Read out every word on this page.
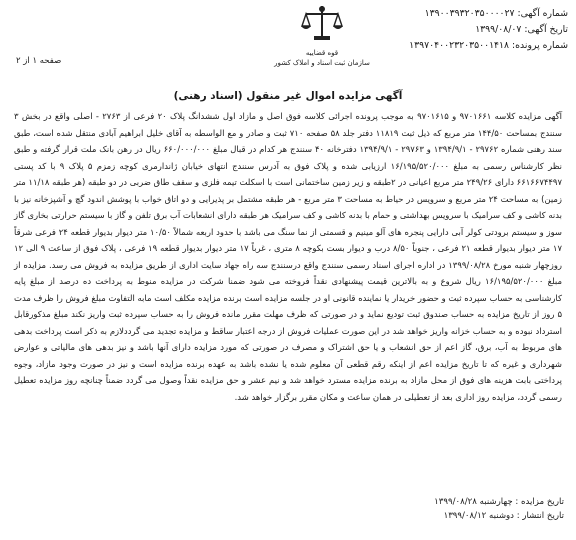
شماره آگهی: ۱۳۹۰۰۳۹۳۲۰۳۵۰۰۰۰۲۷
تاریخ آگهی: ۱۳۹۹/۰۸/۰۷
شماره پرونده: ۱۳۹۷۰۴۰۰۲۳۲۰۳۵۰۰۱۴۱۸
قوه قضاییه
سازمان ثبت اسناد و املاک کشور
صفحه ۱ از ۲
آگهی مزایده اموال غیر منقول (اسناد رهنی)
آگهی مزایده کلاسه ۹۷۰۱۶۶۱ و ۹۷۰۱۶۱۵ به موجب پرونده اجرائی کلاسه فوق اصل و مازاد اول ششدانگ پلاک ۲۰ فرعی از ۲۷۶۳ - اصلی واقع در بخش ۳ سنندج بمساحت ۱۴۴/۵۰ متر مربع که ذیل ثبت ۱۱۸۱۹ دفتر جلد ۵۸ صفحه ۷۱۰ ثبت و صادر و مع الواسطه به آقای خلیل ابراهیم آبادی منتقل شده است، طبق سند رهنی شماره ۲۹۷۶۲ - ۱۳۹۴/۹/۱ و ۲۹۷۶۳ - ۱۳۹۴/۹/۱ دفترخانه ۴۰ سنندج هر کدام در قبال مبلغ ۶۶۰/۰۰۰/۰۰۰ ریال در رهن بانک ملت قرار گرفته و طبق نظر کارشناس رسمی به مبلغ ۱۶/۱۹۵/۵۲۰/۰۰۰ ارزیابی شده و پلاک فوق به آدرس سنندج انتهای خیابان ژاندارمری کوچه زمزم ۵ پلاک ۹ با کد پستی ۶۶۱۶۶۷۴۴۹۷ دارای ۲۴۹/۲۶ متر مربع اعیانی در ۲طبقه و زیر زمین ساختمانی است با اسکلت تیمه فلزی و سقف طاق ضربی در دو طبقه (هر طبقه ۱۱/۱۸ متر زمین) به مساحت ۲۴ متر مربع و سرویس در حیاط به مساحت ۳ متر مربع - هر طبقه مشتمل بر پذیرایی و دو اتاق خواب با پوشش اندود گچ و آشپزخانه نیز با بدنه کاشی و کف سرامیک با سرویس بهداشتی و حمام با بدنه کاشی و کف سرامیک هر طبقه دارای انشعابات آب برق تلفن و گاز با سیستم حرارتی بخاری گاز سوز و سیستم برودتی کولر آبی دارایی پنجره های آلو مینیم و قسمتی از نما سنگ می باشد با حدود اربعه شمالاً ۱۰/۵۰ متر دیوار بدیوار قطعه ۲۴ فرعی شرقاً ۱۷ متر دیوار بدیوار قطعه ۲۱ فرعی ، جنوباً ۸/۵۰ درب و دیوار بست بکوچه ۸ متری ، غرباً ۱۷ متر دیوار بدیوار قطعه ۱۹ فرعی ، پلاک فوق از ساعت ۹ الی ۱۲ روزچهار شنبه مورخ ۱۳۹۹/۰۸/۲۸ در اداره اجرای اسناد رسمی سنندج واقع درسنندج سه راه جهاد سایت اداری از طریق مزایده به فروش می رسد. مزایده از مبلغ ۱۶/۱۹۵/۵۲۰/۰۰۰ ریال شروع و به بالاترین قیمت پیشنهادی نقداً فروخته می شود ضمنا شرکت در مزایده منوط به پرداخت ده درصد از مبلغ پایه کارشناسی به حساب سپرده ثبت و حضور خریدار یا نماینده قانونی او در جلسه مزایده است برنده مزایده مکلف است مابه التفاوت مبلغ فروش را ظرف مدت ۵ روز از تاریخ مزایده به حساب صندوق ثبت تودیع نماید و در صورتی که ظرف مهلت مقرر مانده فروش را به حساب سپرده ثبت واریز نکند مبلغ مذکورقابل استرداد نبوده و به حساب خزانه واریز خواهد شد در این صورت عملیات فروش از درجه اعتبار ساقط و مزایده تجدید می گرددلازم به ذکر است پرداخت بدهی های مربوط به آب، برق، گاز اعم از حق انشعاب و یا حق اشتراک و مصرف در صورتی که مورد مزایده دارای آنها باشد و نیز بدهی های مالیاتی و عوارض شهرداری و غیره که تا تاریخ مزایده اعم از اینکه رقم قطعی آن معلوم شده یا نشده باشد به عهده برنده مزایده است و نیز در صورت وجود مازاد، وجوه پرداختی بابت هزینه های فوق از محل مازاد به برنده مزایده مسترد خواهد شد و نیم عشر و حق مزایده نقداً وصول می گردد ضمناً چنانچه روز مزایده تعطیل رسمی گردد، مزایده روز اداری بعد از تعطیلی در همان ساعت و مکان مقرر برگزار خواهد شد.
تاریخ مزایده : چهارشنبه ۱۳۹۹/۰۸/۲۸
تاریخ انتشار : دوشنبه ۱۳۹۹/۰۸/۱۲
